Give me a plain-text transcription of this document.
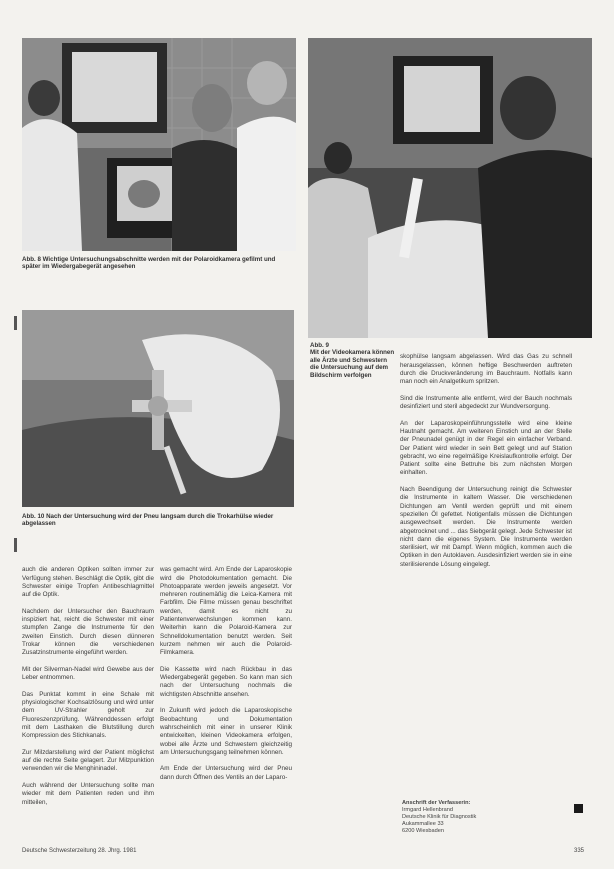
Abb. 8 Wichtige Untersuchungsabschnitte werden mit der Polaroidkamera gefilmt und später im Wiedergabegerät angesehen
Abb. 9
Mit der Videokamera können alle Ärzte und Schwestern die Untersuchung auf dem Bildschirm verfolgen
Abb. 10 Nach der Untersuchung wird der Pneu langsam durch die Trokarhülse wieder abgelassen

auch die anderen Optiken sollten immer zur Verfügung stehen. Beschlägt die Optik, gibt die Schwester einige Tropfen Antibeschlagmittel auf die Optik.

Nachdem der Untersucher den Bauchraum inspiziert hat, reicht die Schwester mit einer stumpfen Zange die Instrumente für den zweiten Einstich. Durch diesen dünneren Trokar können die verschiedenen Zusatzinstrumente eingeführt werden.

Mit der Silverman-Nadel wird Gewebe aus der Leber entnommen.

Das Punktat kommt in eine Schale mit physiologischer Kochsalzlösung und wird unter dem UV-Strahler geholt zur Fluoreszenzprüfung. Währenddessen erfolgt mit dem Lasthaken die Blutstillung durch Kompression des Stichkanals.

Zur Milzdarstellung wird der Patient möglichst auf die rechte Seite gelagert. Zur Milzpunktion verwenden wir die Menghininadel.

Auch während der Untersuchung sollte man wieder mit dem Patienten reden und ihm mitteilen,

was gemacht wird. Am Ende der Laparoskopie wird die Photodokumentation gemacht. Die Photoapparate werden jeweils angesetzt. Vor mehreren routinemäßig die Leica-Kamera mit Farbfilm. Die Filme müssen genau beschriftet werden, damit es nicht zu Patientenverwechslungen kommen kann. Weiterhin kann die Polaroid-Kamera zur Schnelldokumentation benutzt werden. Seit kurzem nehmen wir auch die Polaroid-Filmkamera.

Die Kassette wird nach Rückbau in das Wiedergabegerät gegeben. So kann man sich nach der Untersuchung nochmals die wichtigsten Abschnitte ansehen.

In Zukunft wird jedoch die Laparoskopische Beobachtung und Dokumentation wahrscheinlich mit einer in unserer Klinik entwickelten, kleinen Videokamera erfolgen, wobei alle Ärzte und Schwestern gleichzeitig am Untersuchungsgang teilnehmen können.

Am Ende der Untersuchung wird der Pneu dann durch Öffnen des Ventils an der Laparo-

skophülse langsam abgelassen. Wird das Gas zu schnell herausgelassen, können heftige Beschwerden auftreten durch die Druckveränderung im Bauchraum. Notfalls kann man noch ein Analgetikum spritzen.

Sind die Instrumente alle entfernt, wird der Bauch nochmals desinfiziert und steril abgedeckt zur Wundversorgung.

An der Laparoskopeinführungsstelle wird eine kleine Hautnaht gemacht. Am weiteren Einstich und an der Stelle der Pneunadel genügt in der Regel ein einfacher Verband. Der Patient wird wieder in sein Bett gelegt und auf Station gebracht, wo eine regelmäßige Kreislaufkontrolle erfolgt. Der Patient sollte eine Bettruhe bis zum nächsten Morgen einhalten.

Nach Beendigung der Untersuchung reinigt die Schwester die Instrumente in kaltem Wasser. Die verschiedenen Dichtungen am Ventil werden geprüft und mit einem speziellen Öl gefettet. Notigenfalls müssen die Dichtungen ausgewechselt werden. Die Instrumente werden abgetrocknet und ... das Siebgerät gelegt. Jede Schwester ist nicht dann die eigenes System. Die Instrumente werden sterilisiert, wir mit Dampf. Wenn möglich, kommen auch die Optiken in den Autoklaven. Ausdesinfiziert werden sie in eine sterilisierende Lösung eingelegt.

Anschrift der Verfasserin:
Irmgard Hellenbrand
Deutsche Klinik für Diagnostik
Aukammallee 33
6200 Wiesbaden
Deutsche Schwesterzeitung 28. Jhrg. 1981	335
